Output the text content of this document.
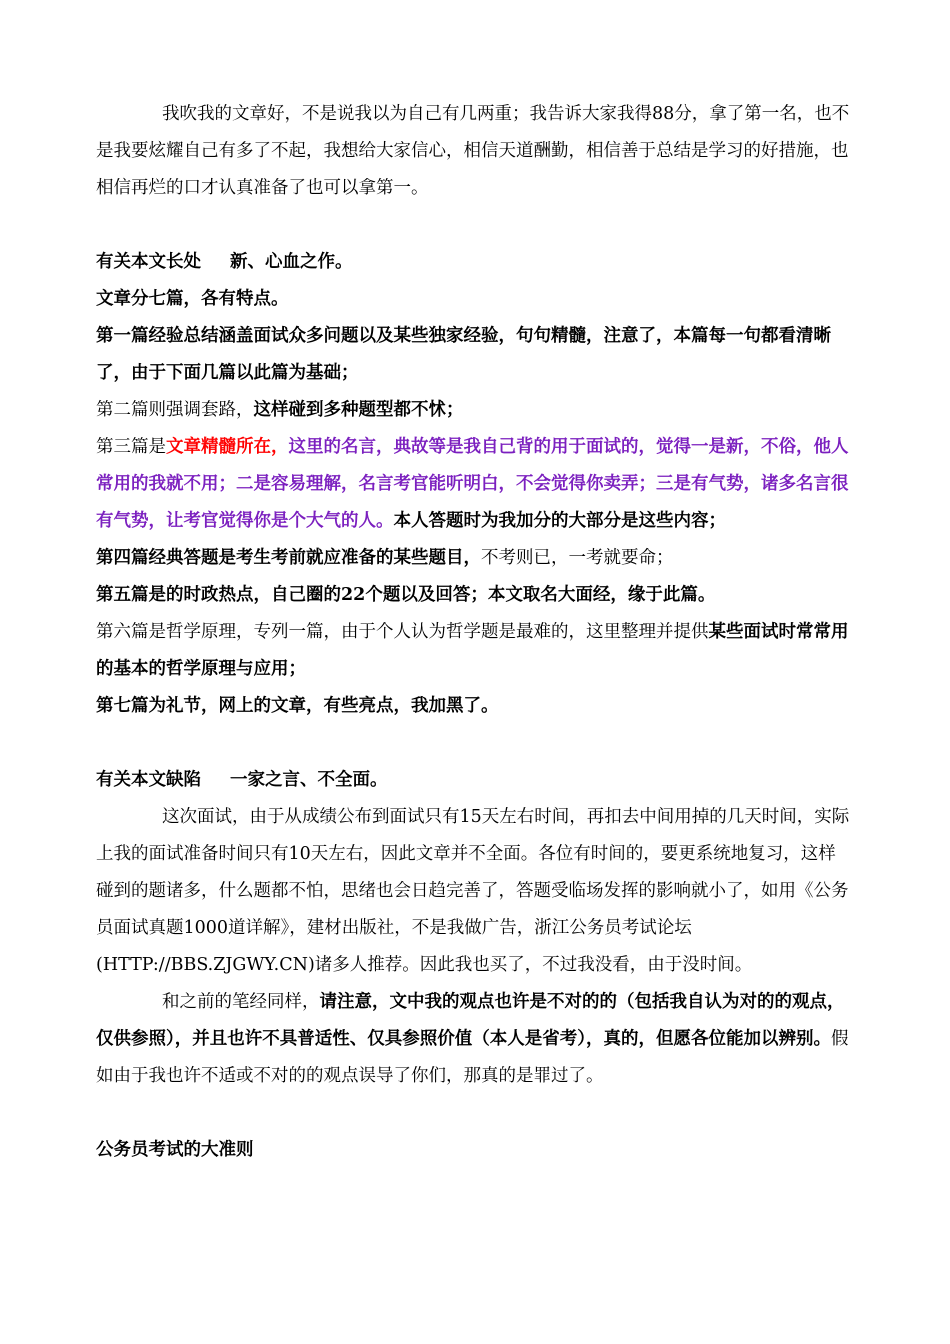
我吹我的文章好，不是说我以为自己有几两重；我告诉大家我得88分，拿了第一名，也不是我要炫耀自己有多了不起，我想给大家信心，相信天道酬勤，相信善于总结是学习的好措施，也相信再烂的口才认真准备了也可以拿第一。

有关本文长处 新、心血之作。

文章分七篇，各有特点。

第一篇经验总结涵盖面试众多问题以及某些独家经验，句句精髓，注意了，本篇每一句都看清晰了，由于下面几篇以此篇为基础；

第二篇则强调套路，这样碰到多种题型都不怵；

第三篇是文章精髓所在，这里的名言，典故等是我自己背的用于面试的，觉得一是新，不俗，他人常用的我就不用；二是容易理解，名言考官能听明白，不会觉得你卖弄；三是有气势，诸多名言很有气势，让考官觉得你是个大气的人。本人答题时为我加分的大部分是这些内容；

第四篇经典答题是考生考前就应准备的某些题目，不考则已，一考就要命；

第五篇是的时政热点，自己圈的22个题以及回答；本文取名大面经，缘于此篇。

第六篇是哲学原理，专列一篇，由于个人认为哲学题是最难的，这里整理并提供某些面试时常常用的基本的哲学原理与应用；

第七篇为礼节，网上的文章，有些亮点，我加黑了。

有关本文缺陷 一家之言、不全面。

这次面试，由于从成绩公布到面试只有15天左右时间，再扣去中间用掉的几天时间，实际上我的面试准备时间只有10天左右，因此文章并不全面。各位有时间的，要更系统地复习，这样碰到的题诸多，什么题都不怕，思绪也会日趋完善了，答题受临场发挥的影响就小了，如用《公务员面试真题1000道详解》，建材出版社，不是我做广告，浙江公务员考试论坛(HTTP://BBS.ZJGWY.CN)诸多人推荐。因此我也买了，不过我没看，由于没时间。

和之前的笔经同样，请注意，文中我的观点也许是不对的的（包括我自认为对的的观点，仅供参照），并且也许不具普适性、仅具参照价值（本人是省考），真的，但愿各位能加以辨别。假如由于我也许不适或不对的的观点误导了你们，那真的是罪过了。

公务员考试的大准则
